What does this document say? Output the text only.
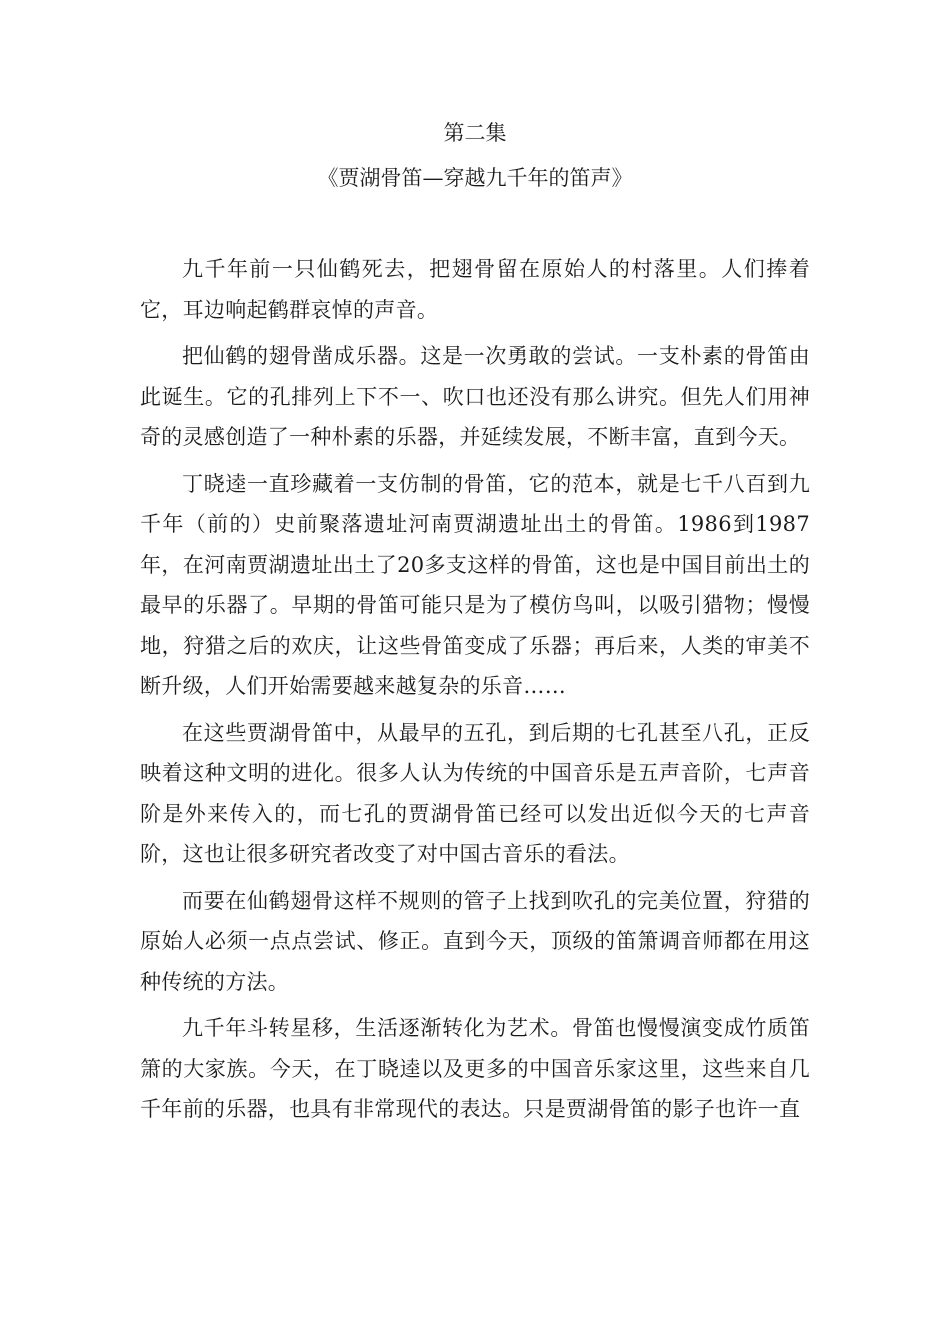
第二集

《贾湖骨笛—穿越九千年的笛声》

九千年前一只仙鹤死去，把翅骨留在原始人的村落里。人们捧着它，耳边响起鹤群哀悼的声音。

把仙鹤的翅骨凿成乐器。这是一次勇敢的尝试。一支朴素的骨笛由此诞生。它的孔排列上下不一、吹口也还没有那么讲究。但先人们用神奇的灵感创造了一种朴素的乐器，并延续发展，不断丰富，直到今天。

丁晓逵一直珍藏着一支仿制的骨笛，它的范本，就是七千八百到九千年（前的）史前聚落遗址河南贾湖遗址出土的骨笛。1986到1987年，在河南贾湖遗址出土了20多支这样的骨笛，这也是中国目前出土的最早的乐器了。早期的骨笛可能只是为了模仿鸟叫，以吸引猎物；慢慢地，狩猎之后的欢庆，让这些骨笛变成了乐器；再后来，人类的审美不断升级，人们开始需要越来越复杂的乐音……

在这些贾湖骨笛中，从最早的五孔，到后期的七孔甚至八孔，正反映着这种文明的进化。很多人认为传统的中国音乐是五声音阶，七声音阶是外来传入的，而七孔的贾湖骨笛已经可以发出近似今天的七声音阶，这也让很多研究者改变了对中国古音乐的看法。

而要在仙鹤翅骨这样不规则的管子上找到吹孔的完美位置，狩猎的原始人必须一点点尝试、修正。直到今天，顶级的笛箫调音师都在用这种传统的方法。

九千年斗转星移，生活逐渐转化为艺术。骨笛也慢慢演变成竹质笛箫的大家族。今天，在丁晓逵以及更多的中国音乐家这里，这些来自几千年前的乐器，也具有非常现代的表达。只是贾湖骨笛的影子也许一直
